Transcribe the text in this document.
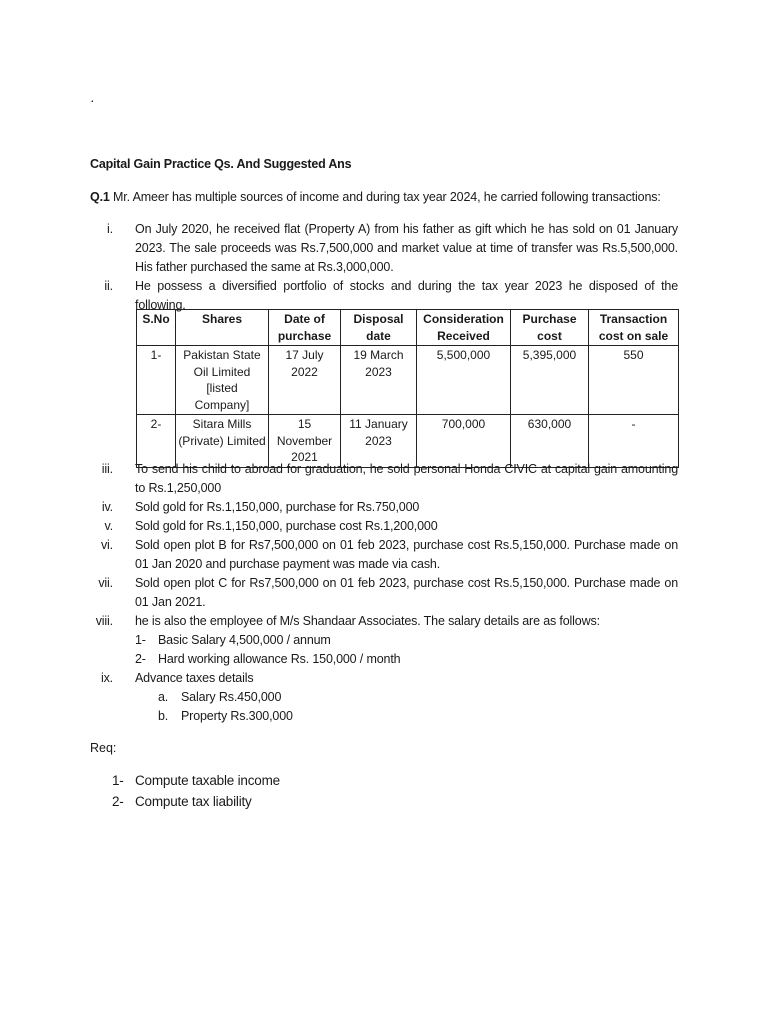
·
Capital Gain Practice Qs. And Suggested Ans
Q.1 Mr. Ameer has multiple sources of income and during tax year 2024, he carried following transactions:
i. On July 2020, he received flat (Property A) from his father as gift which he has sold on 01 January 2023. The sale proceeds was Rs.7,500,000 and market value at time of transfer was Rs.5,500,000. His father purchased the same at Rs.3,000,000.
ii. He possess a diversified portfolio of stocks and during the tax year 2023 he disposed of the following.
S.No	Shares	Date of purchase	Disposal date	Consideration Received	Purchase cost	Transaction cost on sale
1-	Pakistan State Oil Limited [listed Company]	17 July 2022	19 March 2023	5,500,000	5,395,000	550
2-	Sitara Mills (Private) Limited	15 November 2021	11 January 2023	700,000	630,000	-
iii. To send his child to abroad for graduation, he sold personal Honda CIVIC at capital gain amounting to Rs.1,250,000
iv. Sold gold for Rs.1,150,000, purchase for Rs.750,000
v. Sold gold for Rs.1,150,000, purchase cost Rs.1,200,000
vi. Sold open plot B for Rs7,500,000 on 01 feb 2023, purchase cost Rs.5,150,000. Purchase made on 01 Jan 2020 and purchase payment was made via cash.
vii. Sold open plot C for Rs7,500,000 on 01 feb 2023, purchase cost Rs.5,150,000. Purchase made on 01 Jan 2021.
viii. he is also the employee of M/s Shandaar Associates. The salary details are as follows:
1- Basic Salary 4,500,000 / annum
2- Hard working allowance Rs. 150,000 / month
ix. Advance taxes details
a. Salary Rs.450,000
b. Property Rs.300,000
Req:
1- Compute taxable income
2- Compute tax liability
